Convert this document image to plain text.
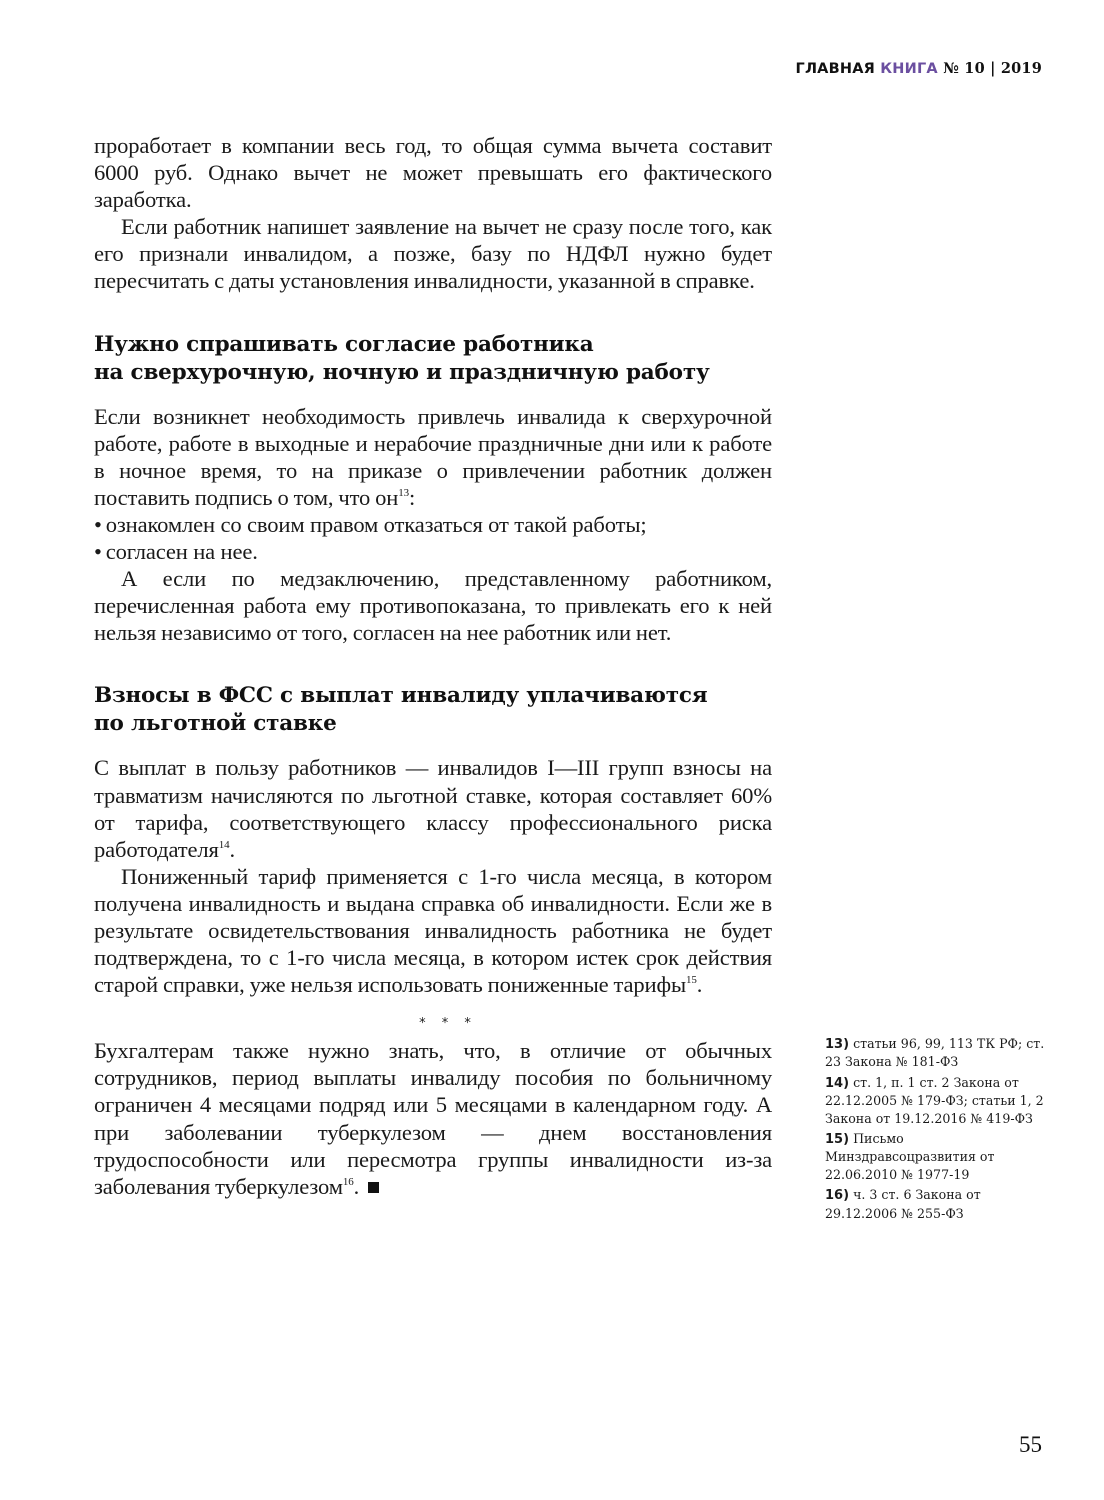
ГЛАВНАЯ КНИГА № 10 | 2019

проработает в компании весь год, то общая сумма вычета составит 6000 руб. Однако вычет не может превышать его фактического заработка.

Если работник напишет заявление на вычет не сразу после того, как его признали инвалидом, а позже, базу по НДФЛ нужно будет пересчитать с даты установления инвалидности, указанной в справке.

Нужно спрашивать согласие работника
на сверхурочную, ночную и праздничную работу

Если возникнет необходимость привлечь инвалида к сверхурочной работе, работе в выходные и нерабочие праздничные дни или к работе в ночное время, то на приказе о привлечении работник должен поставить подпись о том, что $он^{13}$:

• ознакомлен со своим правом отказаться от такой работы;

• согласен на нее.

А если по медзаключению, представленному работником, перечисленная работа ему противопоказана, то привлекать его к ней нельзя независимо от того, согласен на нее работник или нет.

Взносы в ФСС с выплат инвалиду уплачиваются
по льготной ставке

С выплат в пользу работников — инвалидов I—III групп взносы на травматизм начисляются по льготной ставке, которая составляет 60% от тарифа, соответствующего классу профессионального риска работодателя$^{14}$.

Пониженный тариф применяется с 1-го числа месяца, в котором получена инвалидность и выдана справка об инвалидности. Если же в результате освидетельствования инвалидность работника не будет подтверждена, то с 1-го числа месяца, в котором истек срок действия старой справки, уже нельзя использовать пониженные тарифы$^{15}$.

* * *

Бухгалтерам также нужно знать, что, в отличие от обычных сотрудников, период выплаты инвалиду пособия по больничному ограничен 4 месяцами подряд или 5 месяцами в календарном году. А при заболевании туберкулезом — днем восстановления трудоспособности или пересмотра группы инвалидности из-за заболевания туберкулезом$^{16}$.

13) статьи 96, 99, 113 ТК РФ; ст. 23 Закона № 181-ФЗ

14) ст. 1, п. 1 ст. 2 Закона от 22.12.2005 № 179-ФЗ; статьи 1, 2 Закона от 19.12.2016 № 419-ФЗ

15) Письмо Минздравсоцразвития от 22.06.2010 № 1977-19

16) ч. 3 ст. 6 Закона от 29.12.2006 № 255-ФЗ

55
